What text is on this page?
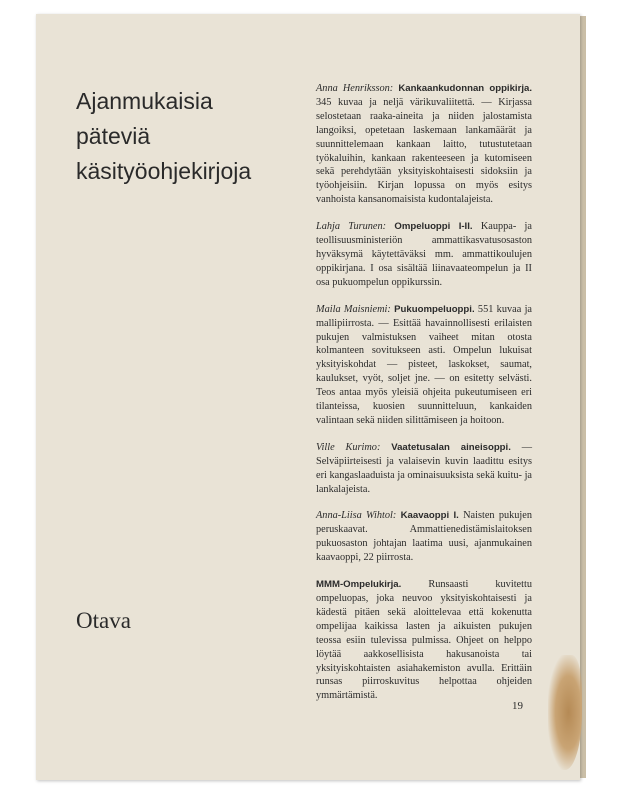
Ajanmukaisia
päteviä
käsityöohjekirjoja
Otava

Anna Henriksson: Kankaankudonnan oppikirja. 345 kuvaa ja neljä värikuvaliitettä. — Kirjassa selostetaan raaka-aineita ja niiden jalostamista langoiksi, opetetaan laskemaan lankamäärät ja suunnittelemaan kankaan laitto, tutustutetaan työkaluihin, kankaan rakenteeseen ja kutomiseen sekä perehdytään yksityiskohtaisesti sidoksiin ja työohjeisiin. Kirjan lopussa on myös esitys vanhoista kansanomaisista kudontalajeista.

Lahja Turunen: Ompeluoppi I-II. Kauppa- ja teollisuusministeriön ammattikasvatusosaston hyväksymä käytettäväksi mm. ammattikoulujen oppikirjana. I osa sisältää liinavaateompelun ja II osa pukuompelun oppikurssin.

Maila Maisniemi: Pukuompeluoppi. 551 kuvaa ja mallipiirrosta. — Esittää havainnollisesti erilaisten pukujen valmistuksen vaiheet mitan otosta kolmanteen sovitukseen asti. Ompelun lukuisat yksityiskohdat — pisteet, laskokset, saumat, kaulukset, vyöt, soljet jne. — on esitetty selvästi. Teos antaa myös yleisiä ohjeita pukeutumiseen eri tilanteissa, kuosien suunnitteluun, kankaiden valintaan sekä niiden silittämiseen ja hoitoon.

Ville Kurimo: Vaatetusalan aineisoppi. — Selväpiirteisesti ja valaisevin kuvin laadittu esitys eri kangaslaaduista ja ominaisuuksista sekä kuitu- ja lankalajeista.

Anna-Liisa Wihtol: Kaavaoppi I. Naisten pukujen peruskaavat. Ammattienedistämislaitoksen pukuosaston johtajan laatima uusi, ajanmukainen kaavaoppi, 22 piirrosta.

MMM-Ompelukirja.	Runsaasti kuvitettu ompeluopas, joka neuvoo yksityiskohtaisesti ja kädestä pitäen sekä aloittelevaa että kokenutta ompelijaa kaikissa lasten ja aikuisten pukujen teossa esiin tulevissa pulmissa. Ohjeet on helppo löytää aakkosellisista hakusanoista tai yksityiskohtaisten asiahakemiston avulla. Erittäin runsas piirroskuvitus helpottaa ohjeiden ymmärtämistä.

19
